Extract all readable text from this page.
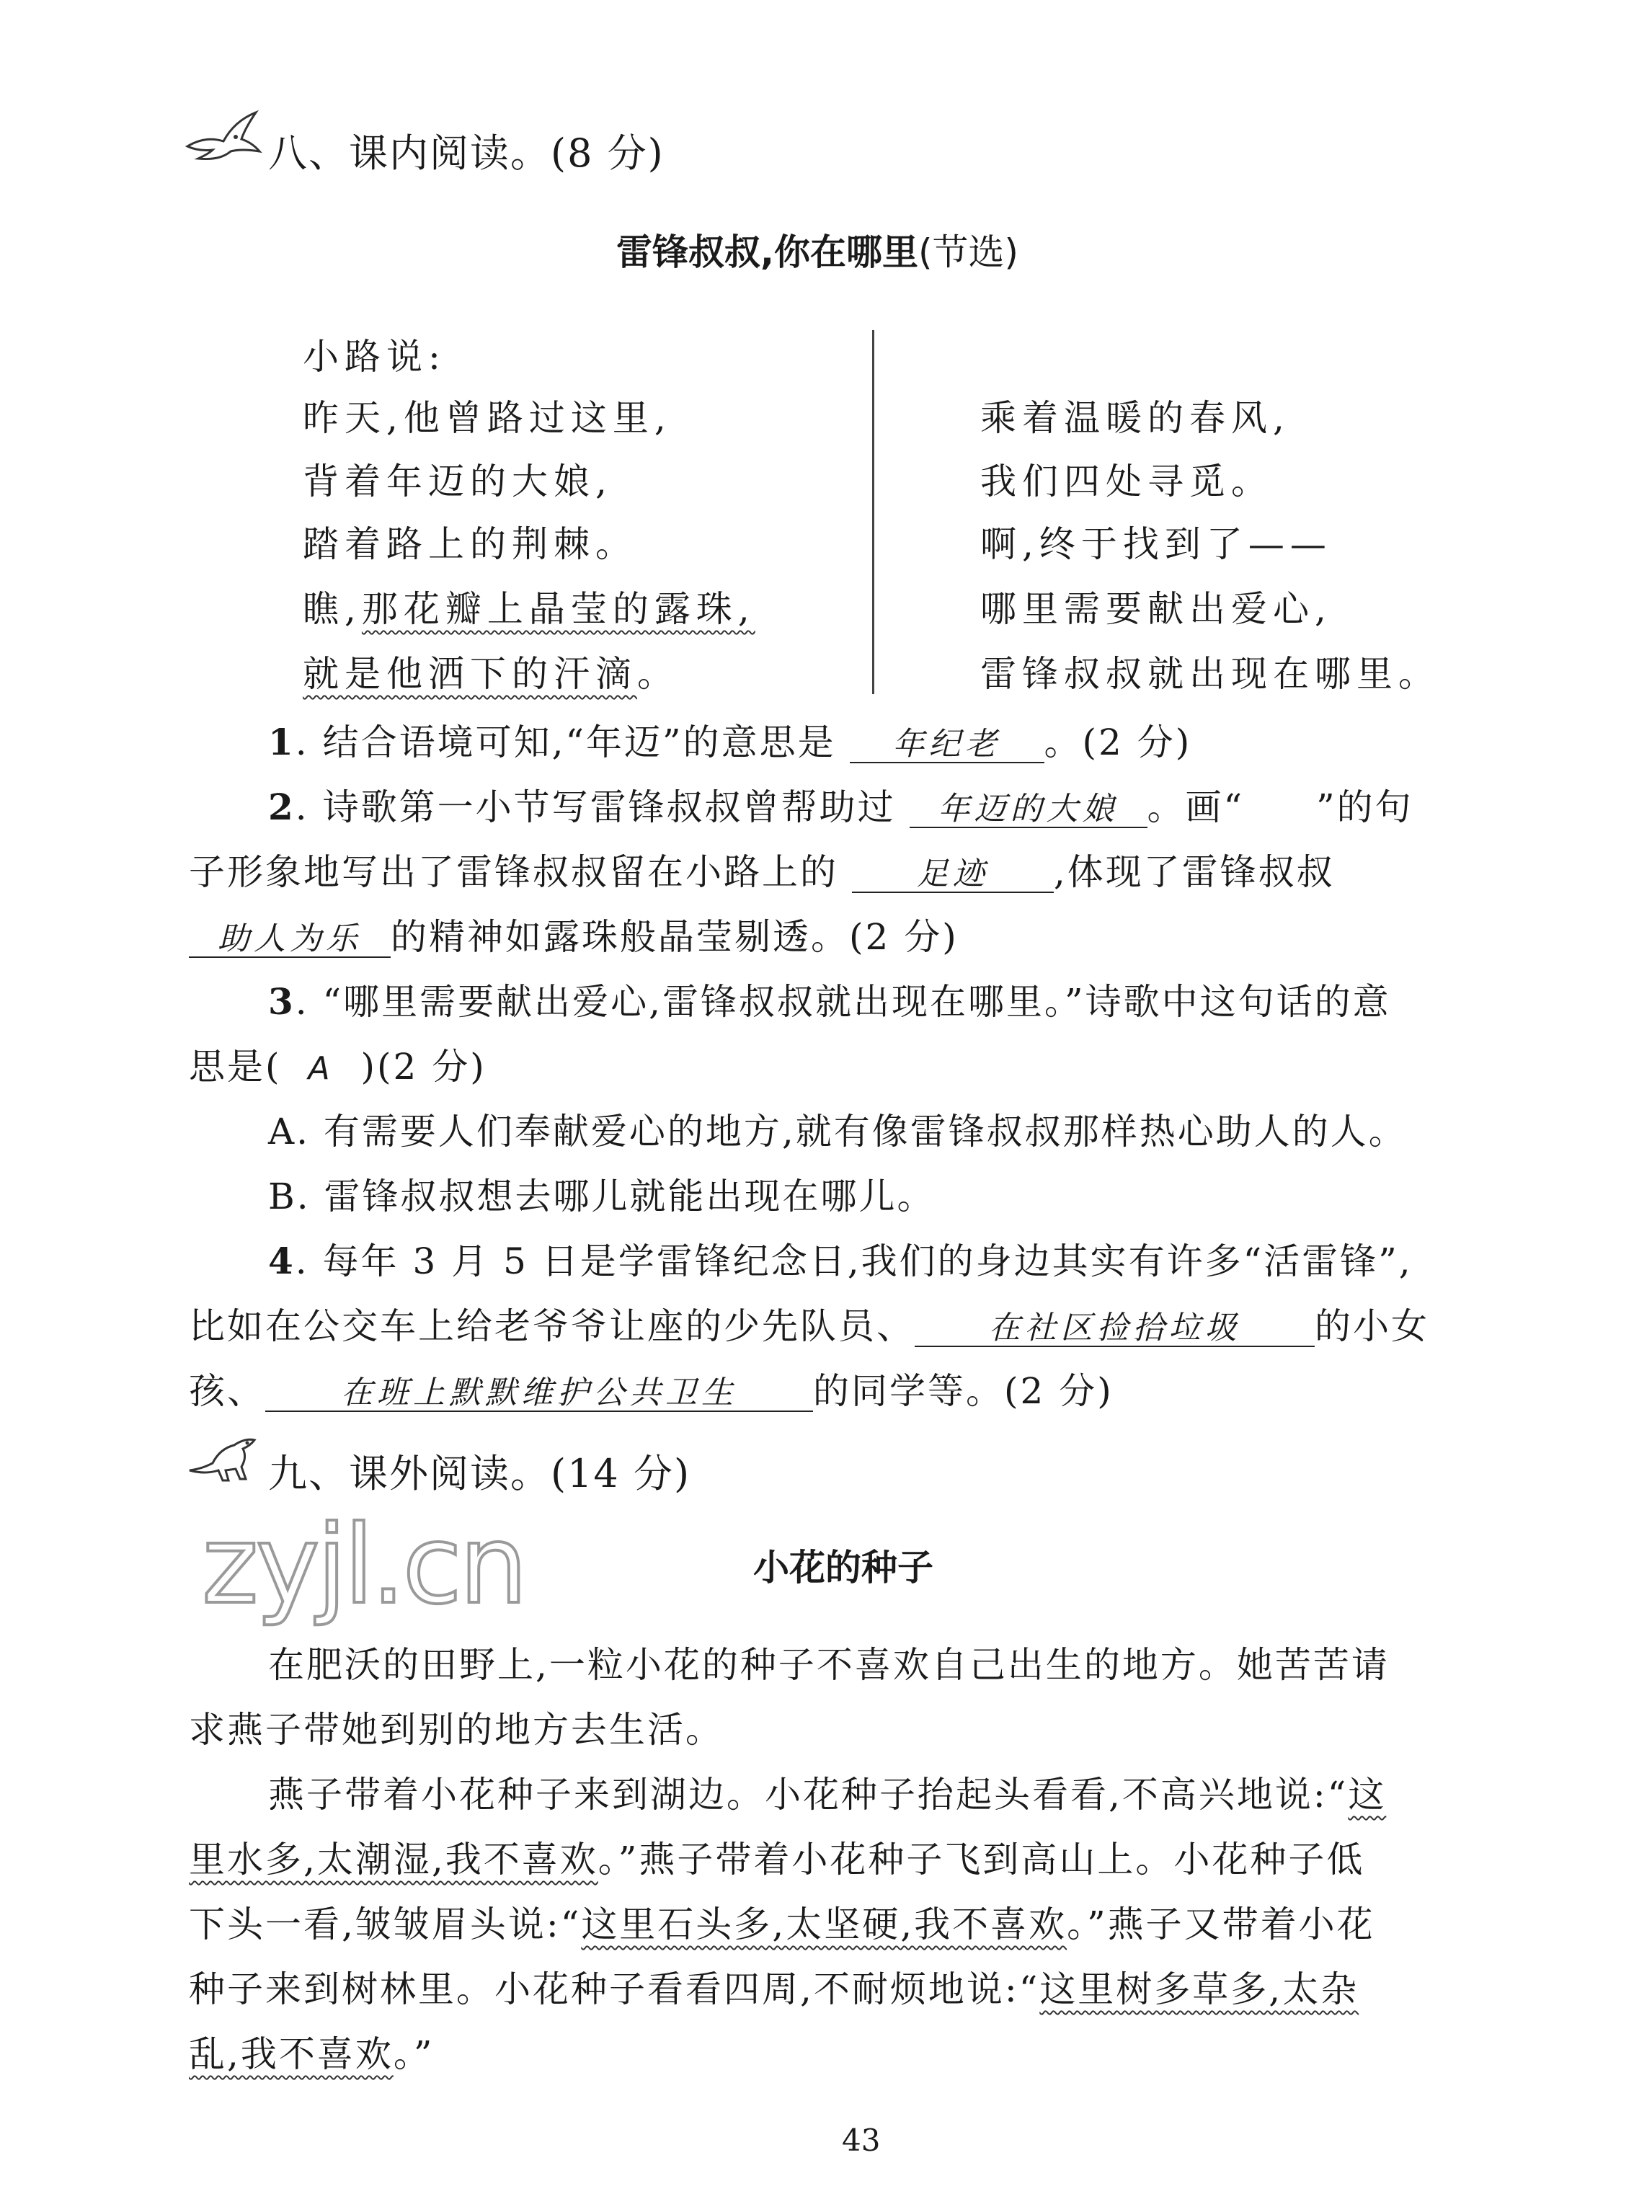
八、课内阅读。(8 分)
雷锋叔叔,你在哪里(节选)
小路说:
昨天,他曾路过这里,
背着年迈的大娘,
踏着路上的荆棘。
瞧,那花瓣上晶莹的露珠,
就是他洒下的汗滴。
乘着温暖的春风,
我们四处寻觅。
啊,终于找到了——
哪里需要献出爱心,
雷锋叔叔就出现在哪里。
1. 结合语境可知,“年迈”的意思是 年纪老 。(2 分)
2. 诗歌第一小节写雷锋叔叔曾帮助过 年迈的大娘 。画“ ”的句
子形象地写出了雷锋叔叔留在小路上的 足迹 ,体现了雷锋叔叔
助人为乐 的精神如露珠般晶莹剔透。(2 分)
3. “哪里需要献出爱心,雷锋叔叔就出现在哪里。”诗歌中这句话的意
思是( A )(2 分)
A. 有需要人们奉献爱心的地方,就有像雷锋叔叔那样热心助人的人。
B. 雷锋叔叔想去哪儿就能出现在哪儿。
4. 每年 3 月 5 日是学雷锋纪念日,我们的身边其实有许多“活雷锋”,
比如在公交车上给老爷爷让座的少先队员、 在社区捡拾垃圾 的小女
孩、 在班上默默维护公共卫生 的同学等。(2 分)
九、课外阅读。(14 分)
zyjl.cn	小花的种子
在肥沃的田野上,一粒小花的种子不喜欢自己出生的地方。她苦苦请
求燕子带她到别的地方去生活。
燕子带着小花种子来到湖边。小花种子抬起头看看,不高兴地说:“这
里水多,太潮湿,我不喜欢。”燕子带着小花种子飞到高山上。小花种子低
下头一看,皱皱眉头说:“这里石头多,太坚硬,我不喜欢。”燕子又带着小花
种子来到树林里。小花种子看看四周,不耐烦地说:“这里树多草多,太杂
乱,我不喜欢。”
43
